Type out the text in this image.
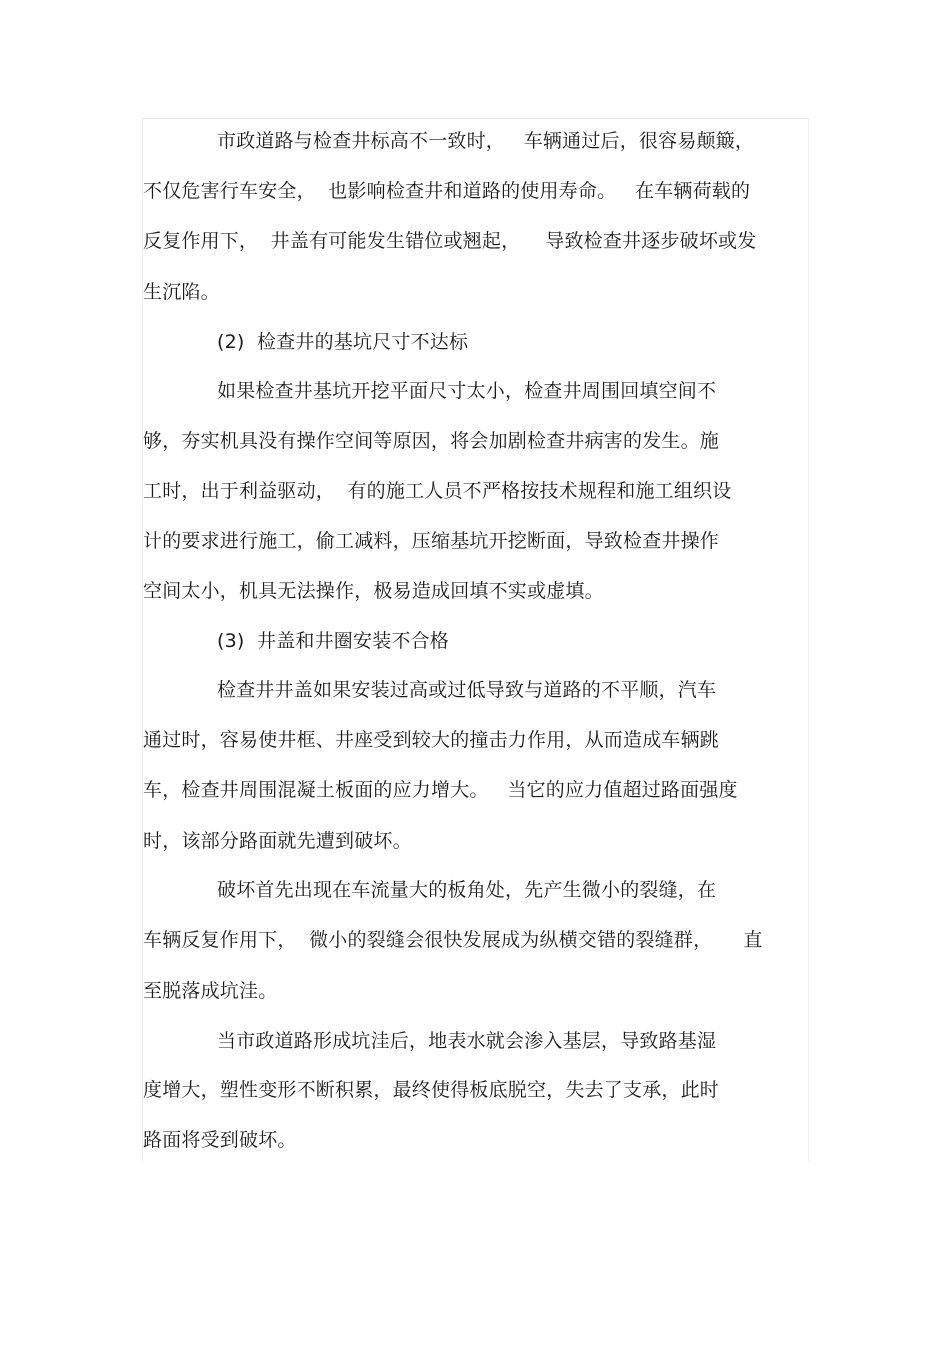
市政道路与检查井标高不一致时，   车辆通过后，很容易颠簸，
不仅危害行车安全，  也影响检查井和道路的使用寿命。   在车辆荷载的
反复作用下，  井盖有可能发生错位或翘起，    导致检查井逐步破坏或发
生沉陷。
(2)  检查井的基坑尺寸不达标
如果检查井基坑开挖平面尺寸太小，检查井周围回填空间不
够，夯实机具没有操作空间等原因，将会加剧检查井病害的发生。施
工时，出于利益驱动，  有的施工人员不严格按技术规程和施工组织设
计的要求进行施工，偷工减料，压缩基坑开挖断面，导致检查井操作
空间太小，机具无法操作，极易造成回填不实或虚填。
(3)  井盖和井圈安装不合格
检查井井盖如果安装过高或过低导致与道路的不平顺，汽车
通过时，容易使井框、井座受到较大的撞击力作用，从而造成车辆跳
车，检查井周围混凝土板面的应力增大。   当它的应力值超过路面强度
时，该部分路面就先遭到破坏。
破坏首先出现在车流量大的板角处，先产生微小的裂缝，在
车辆反复作用下，  微小的裂缝会很快发展成为纵横交错的裂缝群，     直
至脱落成坑洼。
当市政道路形成坑洼后，地表水就会渗入基层，导致路基湿
度增大，塑性变形不断积累，最终使得板底脱空，失去了支承，此时
路面将受到破坏。
